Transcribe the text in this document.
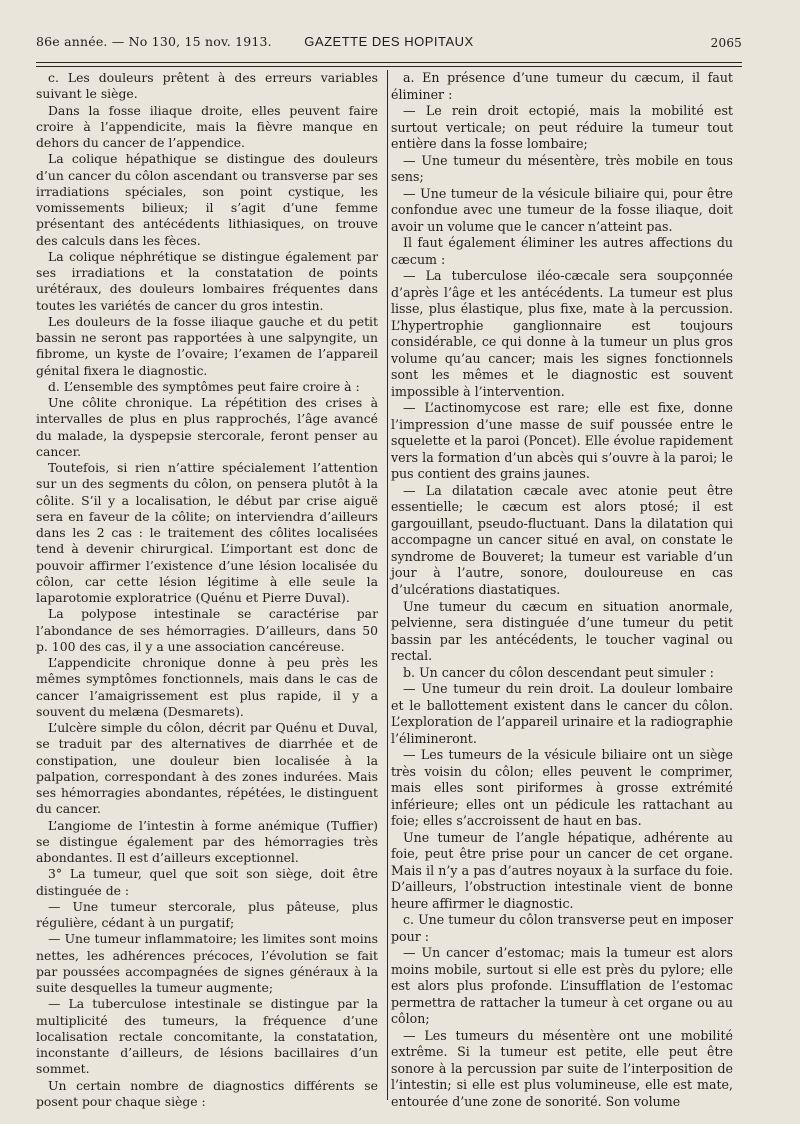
86e année. — No 130, 15 nov. 1913.	GAZETTE DES HOPITAUX	2065

c. Les douleurs prêtent à des erreurs variables suivant le siège.

Dans la fosse iliaque droite, elles peuvent faire croire à l’appendicite, mais la fièvre manque en dehors du cancer de l’appendice.

La colique hépathique se distingue des douleurs d’un cancer du côlon ascendant ou transverse par ses irradiations spéciales, son point cystique, les vomissements bilieux; il s’agit d’une femme présentant des antécédents lithiasiques, on trouve des calculs dans les fèces.

La colique néphrétique se distingue également par ses irradiations et la constatation de points urétéraux, des douleurs lombaires fréquentes dans toutes les variétés de cancer du gros intestin.

Les douleurs de la fosse iliaque gauche et du petit bassin ne seront pas rapportées à une salpyngite, un fibrome, un kyste de l’ovaire; l’examen de l’appareil génital fixera le diagnostic.

d. L’ensemble des symptômes peut faire croire à :

Une côlite chronique. La répétition des crises à intervalles de plus en plus rapprochés, l’âge avancé du malade, la dyspepsie stercorale, feront penser au cancer.

Toutefois, si rien n’attire spécialement l’attention sur un des segments du côlon, on pensera plutôt à la côlite. S’il y a localisation, le début par crise aiguë sera en faveur de la côlite; on interviendra d’ailleurs dans les 2 cas : le traitement des côlites localisées tend à devenir chirurgical. L’important est donc de pouvoir affirmer l’existence d’une lésion localisée du côlon, car cette lésion légitime à elle seule la laparotomie exploratrice (Quénu et Pierre Duval).

La polypose intestinale se caractérise par l’abondance de ses hémorragies. D’ailleurs, dans 50 p. 100 des cas, il y a une association cancéreuse.

L’appendicite chronique donne à peu près les mêmes symptômes fonctionnels, mais dans le cas de cancer l’amaigrissement est plus rapide, il y a souvent du melæna (Desmarets).

L’ulcère simple du côlon, décrit par Quénu et Duval, se traduit par des alternatives de diarrhée et de constipation, une douleur bien localisée à la palpation, correspondant à des zones indurées. Mais ses hémorragies abondantes, répétées, le distinguent du cancer.

L’angiome de l’intestin à forme anémique (Tuffier) se distingue également par des hémorragies très abondantes. Il est d’ailleurs exceptionnel.

3° La tumeur, quel que soit son siège, doit être distinguée de :

— Une tumeur stercorale, plus pâteuse, plus régulière, cédant à un purgatif;

— Une tumeur inflammatoire; les limites sont moins nettes, les adhérences précoces, l’évolution se fait par poussées accompagnées de signes généraux à la suite desquelles la tumeur augmente;

— La tuberculose intestinale se distingue par la multiplicité des tumeurs, la fréquence d’une localisation rectale concomitante, la constatation, inconstante d’ailleurs, de lésions bacillaires d’un sommet.

Un certain nombre de diagnostics différents se posent pour chaque siège :

a. En présence d’une tumeur du cæcum, il faut éliminer :

— Le rein droit ectopié, mais la mobilité est surtout verticale; on peut réduire la tumeur tout entière dans la fosse lombaire;

— Une tumeur du mésentère, très mobile en tous sens;

— Une tumeur de la vésicule biliaire qui, pour être confondue avec une tumeur de la fosse iliaque, doit avoir un volume que le cancer n’atteint pas.

Il faut également éliminer les autres affections du cæcum :

— La tuberculose iléo-cæcale sera soupçonnée d’après l’âge et les antécédents. La tumeur est plus lisse, plus élastique, plus fixe, mate à la percussion. L’hypertrophie ganglionnaire est toujours considérable, ce qui donne à la tumeur un plus gros volume qu’au cancer; mais les signes fonctionnels sont les mêmes et le diagnostic est souvent impossible à l’intervention.

— L’actinomycose est rare; elle est fixe, donne l’impression d’une masse de suif poussée entre le squelette et la paroi (Poncet). Elle évolue rapidement vers la formation d’un abcès qui s’ouvre à la paroi; le pus contient des grains jaunes.

— La dilatation cæcale avec atonie peut être essentielle; le cæcum est alors ptosé; il est gargouillant, pseudo-fluctuant. Dans la dilatation qui accompagne un cancer situé en aval, on constate le syndrome de Bouveret; la tumeur est variable d’un jour à l’autre, sonore, douloureuse en cas d’ulcérations diastatiques.

Une tumeur du cæcum en situation anormale, pelvienne, sera distinguée d’une tumeur du petit bassin par les antécédents, le toucher vaginal ou rectal.

b. Un cancer du côlon descendant peut simuler :

— Une tumeur du rein droit. La douleur lombaire et le ballottement existent dans le cancer du côlon. L’exploration de l’appareil urinaire et la radiographie l’élimineront.

— Les tumeurs de la vésicule biliaire ont un siège très voisin du côlon; elles peuvent le comprimer, mais elles sont piriformes à grosse extrémité inférieure; elles ont un pédicule les rattachant au foie; elles s’accroissent de haut en bas.

Une tumeur de l’angle hépatique, adhérente au foie, peut être prise pour un cancer de cet organe. Mais il n’y a pas d’autres noyaux à la surface du foie. D’ailleurs, l’obstruction intestinale vient de bonne heure affirmer le diagnostic.

c. Une tumeur du côlon transverse peut en imposer pour :

— Un cancer d’estomac; mais la tumeur est alors moins mobile, surtout si elle est près du pylore; elle est alors plus profonde. L’insufflation de l’estomac permettra de rattacher la tumeur à cet organe ou au côlon;

— Les tumeurs du mésentère ont une mobilité extrême. Si la tumeur est petite, elle peut être sonore à la percussion par suite de l’interposition de l’intestin; si elle est plus volumineuse, elle est mate, entourée d’une zone de sonorité. Son volume
